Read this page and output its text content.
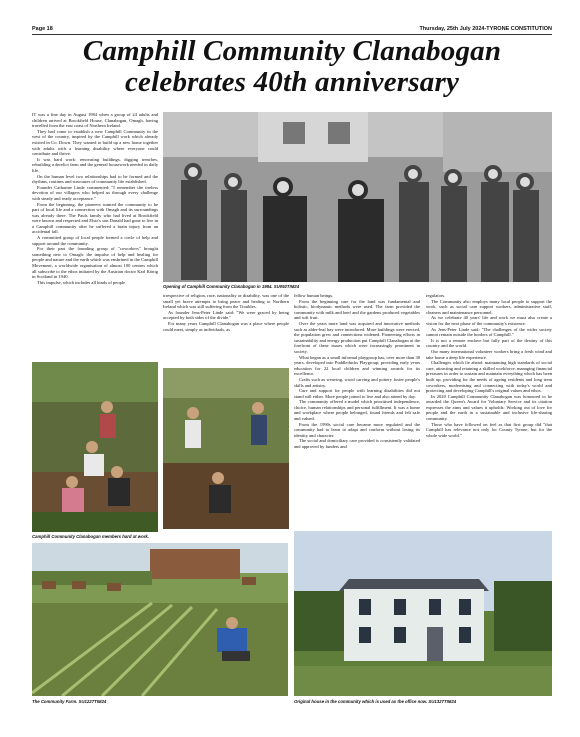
Page 18	Thursday, 25th July 2024-TYRONE CONSTITUTION
Camphill Community Clanabogan
celebrates 40th anniversary

IT was a fine day in August 1984 when a group of 24 adults and children arrived at Brookfield House, Clanabogan, Omagh, having travelled from the east coast of Northern Ireland.

They had come to establish a new Camphill Community in the west of the country, inspired by the Camphill work which already existed in Co. Down. They wanted to build up a new home together with adults with a learning disability where everyone could contribute and thrive.

It was hard work: renovating buildings, digging trenches, rebuilding a derelict farm and the general housework needed in daily life.

On the human level two relationships had to be formed and the rhythms, routines and structures of community life established.

Founder Catharine Linde commented: "I remember the tireless devotion of our villagers who helped us through every challenge with steady and ready acceptance."

From the beginning, the pioneers wanted the community to be part of local life and a connection with Omagh and its surroundings was already there. The Pauls family who had lived at Brookfield were known and respected and Elsie's son Donald had gone to live in a Camphill community after he suffered a brain injury from an accidental fall.

A committed group of local people formed a circle of help and support around the community.

For their part the founding group of "coworkers" brought something new to Omagh: the impulse of help and healing for people and nature and the earth which was enshrined in the Camphill Movement, a worldwide organisation of almost 100 centres which all subscribe to the ethos initiated by the Austrian doctor Karl König in Scotland in 1940.

This impulse, which includes all kinds of people

Opening of Camphill Community Clanabogan in 1984. SU092TIM24
Camphill Community Clanabogan members hard at work.

irrespective of religion, race, nationality or disability, was one of the small yet brave attempts to bring peace and healing to Northern Ireland which was still suffering from the Troubles.

As founder Jens-Peter Linde said: "We were graced by being accepted by both sides of the divide."

For many years Camphill Clanabogan was a place where people could meet, simply as individuals, as

fellow human beings.

From the beginning care for the land was fundamental and holistic, biodynamic methods were used. The farm provided the community with milk and beef and the gardens produced vegetables and soft fruit.

Over the years more land was acquired and innovative methods such as alder-leaf hay were introduced. More buildings were erected, the population grew and connections widened. Pioneering efforts in sustainability and energy production put Camphill Clanabogan at the forefront of these issues which were increasingly prominent in society.

What began as a small informal playgroup has, over more than 30 years, developed into Puddleducks Playgroup, providing early years education for 22 local children and winning awards for its excellence.

Crafts such as weaving, wood carving and pottery foster people's skills and artistry.

Care and support for people with learning disabilities did not stand still either. More people joined to live and also attend by day.

The community offered a model which prioritised independence, choice, human relationships and personal fulfillment. It was a home and workplace where people belonged, found friends and felt safe and valued.

From the 1990s social care became more regulated and the community had to learn to adapt and conform without losing its identity and character.

The social and domiciliary care provided is consistently validated and approved by funders and

regulators.

The Community also employs many local people to support the work, such as social care support workers, administrative staff, cleaners and maintenance personnel.

As we celebrate 40 years' life and work we must also create a vision for the next phase of the community's existence.

As Jens-Peter Linde said: "The challenges of the wider society cannot remain outside the borders of Camphill."

It is not a remote enclave but fully part of the destiny of this country and the world.

Our many international volunteer workers bring a fresh wind and take home a deep life experience.

Challenges which lie ahead: maintaining high standards of social care, attracting and retaining a skilled workforce, managing financial pressures in order to sustain and maintain everything which has been built up, providing for the needs of ageing residents and long term coworkers, modernising and connecting with today's world and protecting and developing Camphill's original values and ethos.

In 2020 Camphill Community Clanabogan was honoured to be awarded the Queen's Award for Voluntary Service and its citation expresses the aims and values it upholds: Working out of love for people and the earth in a sustainable and inclusive life-sharing community.

Those who have followed on feel as that first group did "that Camphill has relevance not only for County Tyrone, but for the whole wide world."

The Community Farm. SU1227TIM24	Original house in the community which is used as the office now. SU1327TIM24
